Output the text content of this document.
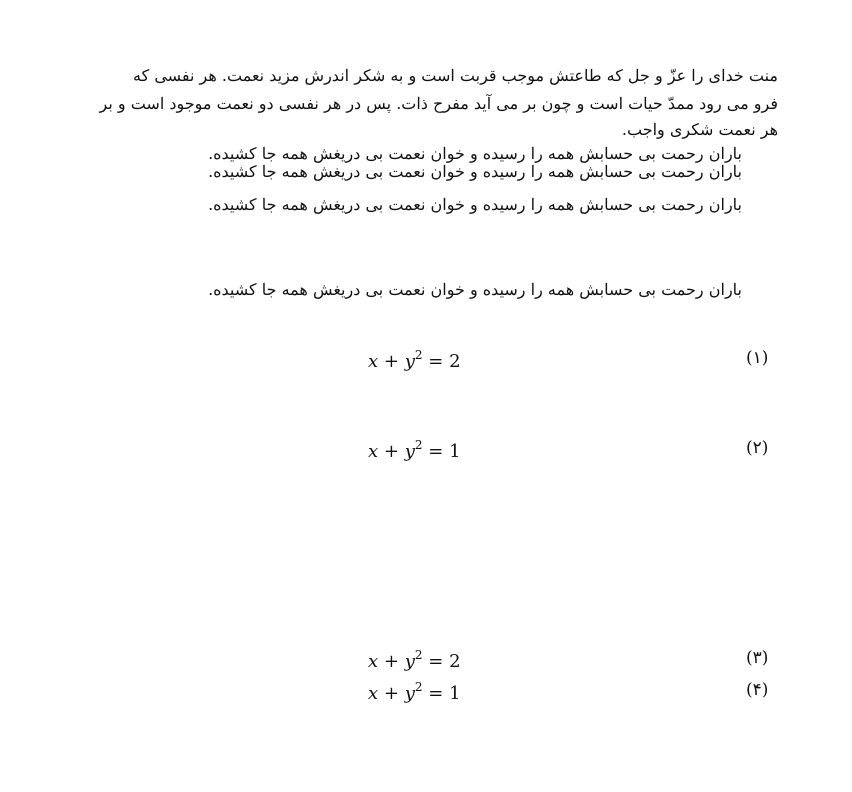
منت خدای را عزّ و جل که طاعتش موجب قربت است و به شکر اندرش مزید نعمت. هر نفسی که
فرو می رود ممدّ حیات است و چون بر می آید مفرح ذات. پس در هر نفسی دو نعمت موجود است و بر
هر نعمت شکری واجب.
باران رحمت بی حسابش همه را رسیده و خوان نعمت بی دریغش همه جا کشیده.
باران رحمت بی حسابش همه را رسیده و خوان نعمت بی دریغش همه جا کشیده.
باران رحمت بی حسابش همه را رسیده و خوان نعمت بی دریغش همه جا کشیده.
باران رحمت بی حسابش همه را رسیده و خوان نعمت بی دریغش همه جا کشیده.
$x + y^2 = 2$	(۱)
$x + y^2 = 1$	(۲)
$x + y^2 = 2$	(۳)
$x + y^2 = 1$	(۴)
